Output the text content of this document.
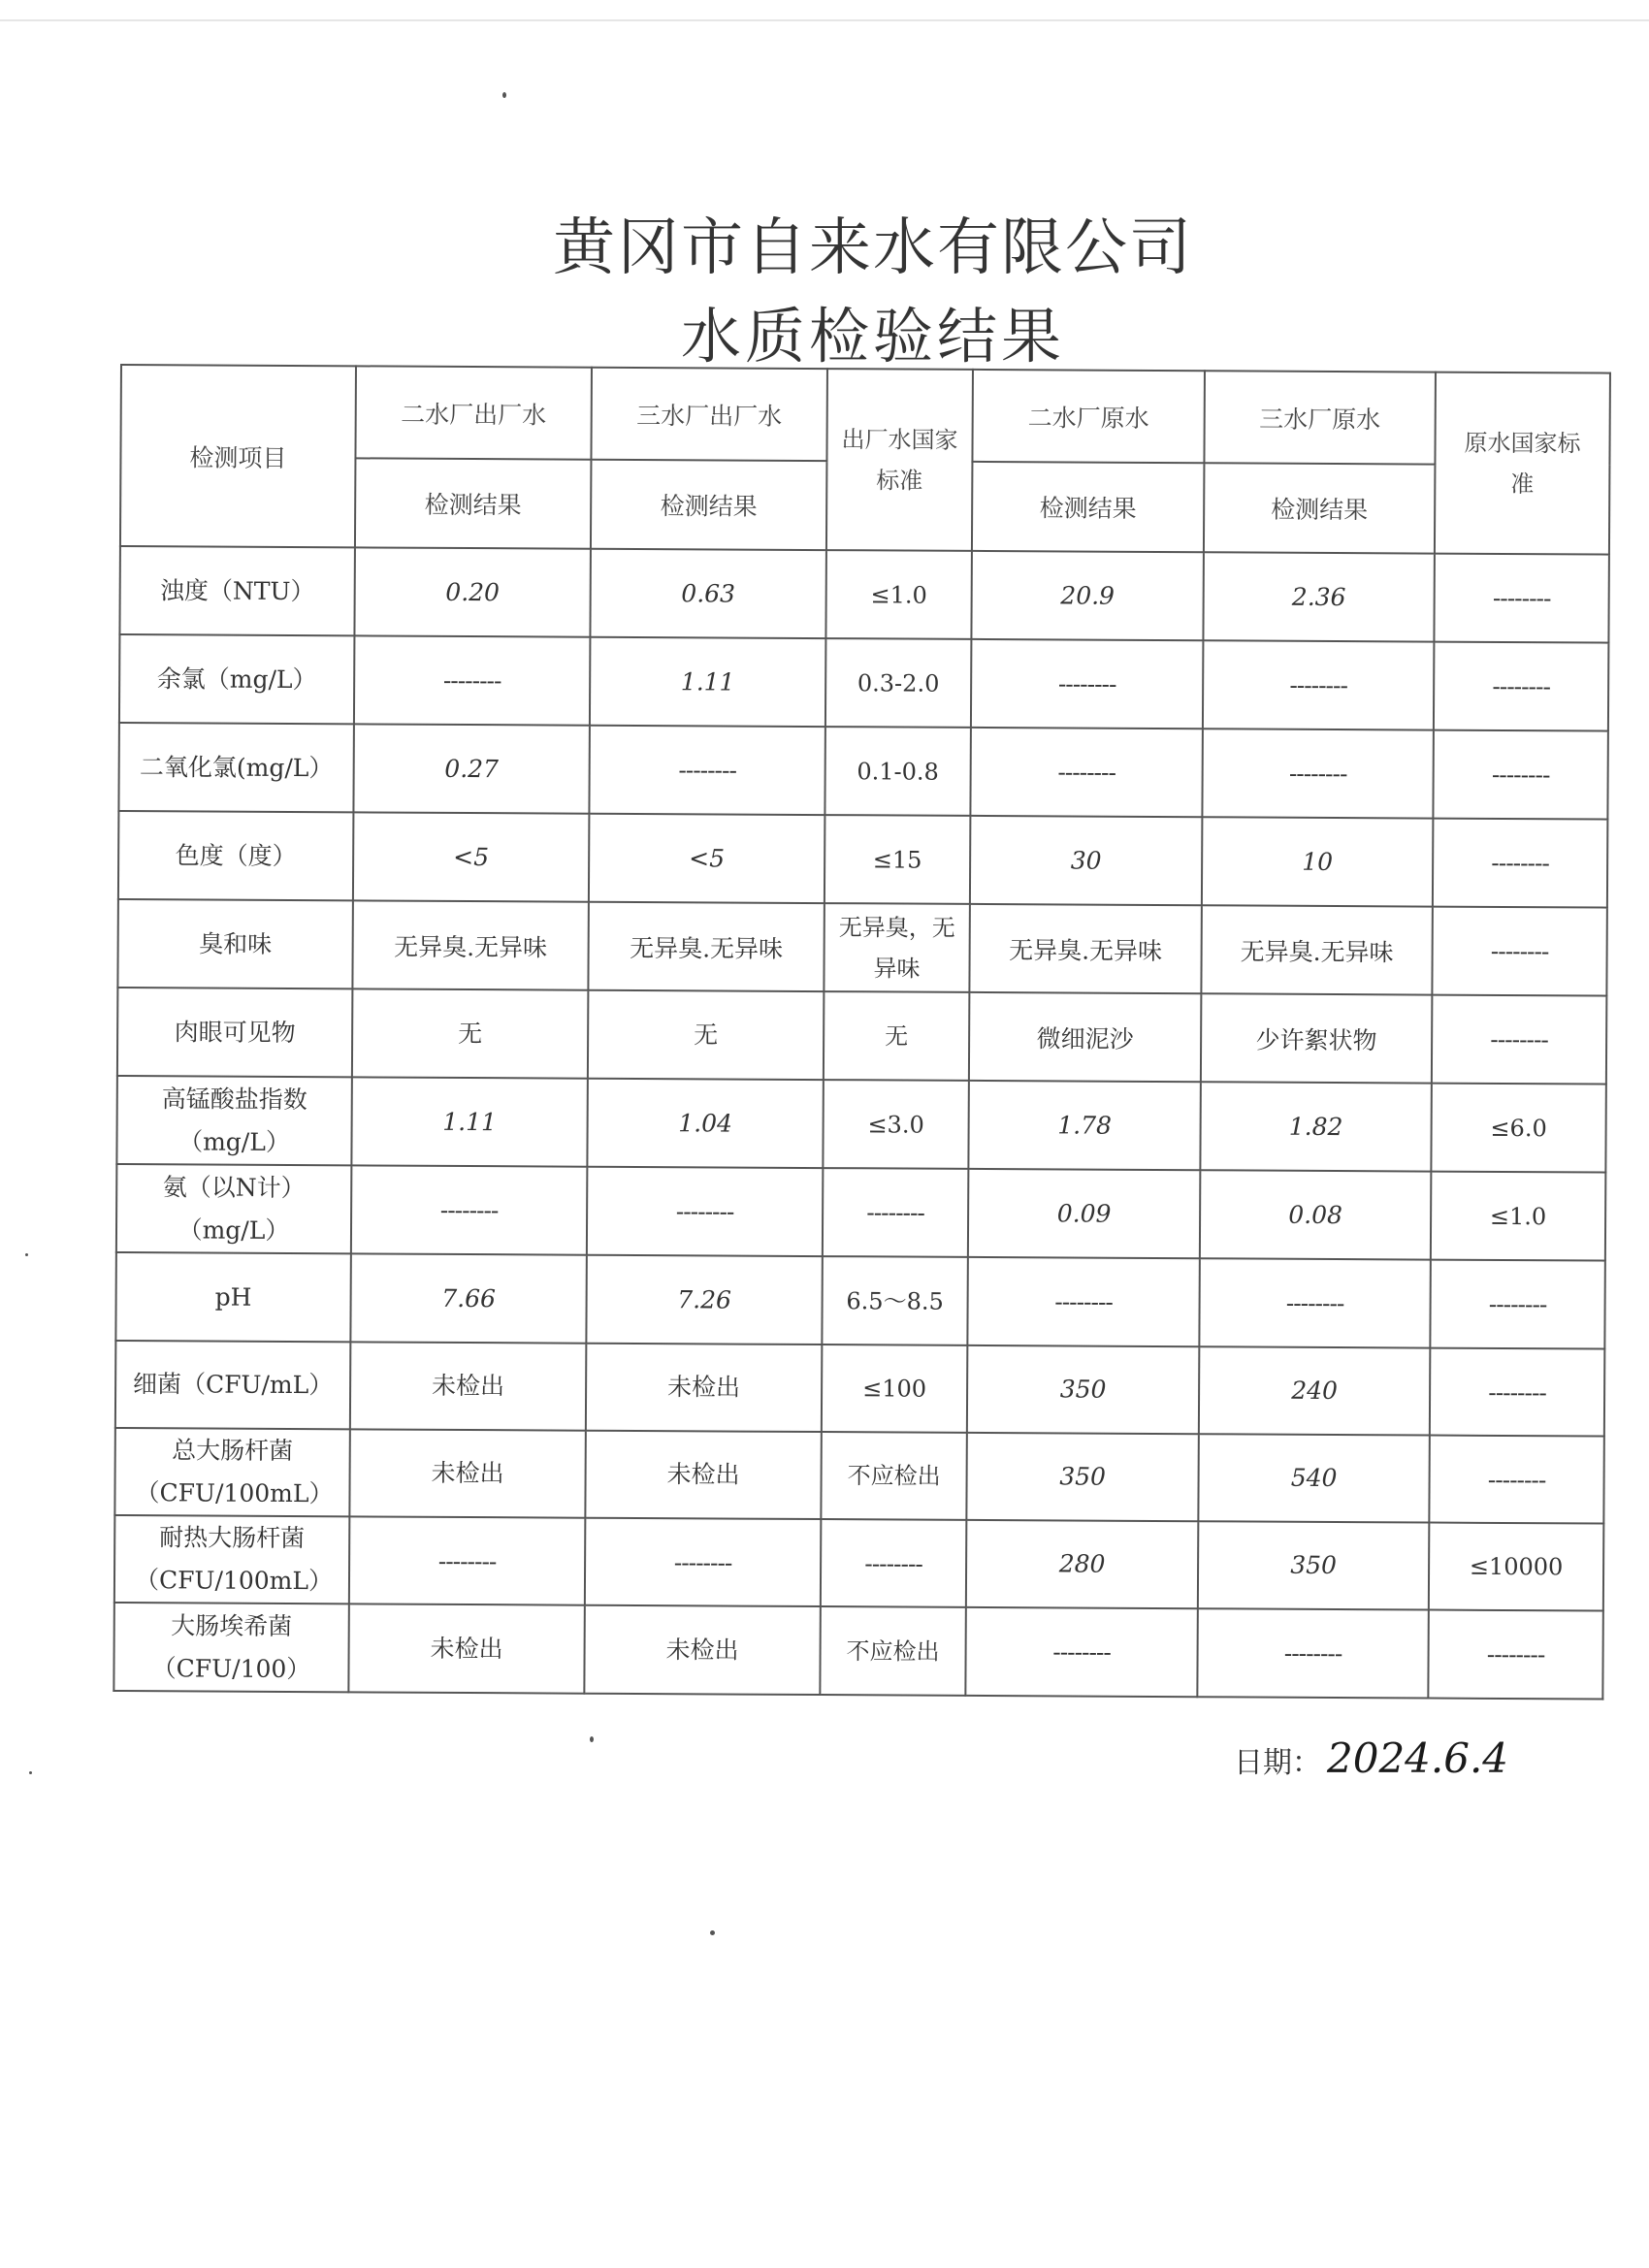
黄冈市自来水有限公司
水质检验结果
检测项目	二水厂出厂水	三水厂出厂水	出厂水国家标准	二水厂原水	三水厂原水	原水国家标准
	检测结果	检测结果		检测结果	检测结果	
浊度（NTU）	0.20	0.63	≤1.0	20.9	2.36	--------
余氯（mg/L）	--------	1.11	0.3-2.0	--------	--------	--------
二氧化氯(mg/L）	0.27	--------	0.1-0.8	--------	--------	--------
色度（度）	<5	<5	≤15	30	10	--------
臭和味	无异臭.无异味	无异臭.无异味	无异臭，无异味	无异臭.无异味	无异臭.无异味	--------
肉眼可见物	无	无	无	微细泥沙	少许絮状物	--------
高锰酸盐指数（mg/L）	1.11	1.04	≤3.0	1.78	1.82	≤6.0
氨（以N计）（mg/L）	--------	--------	--------	0.09	0.08	≤1.0
pH	7.66	7.26	6.5～8.5	--------	--------	--------
细菌（CFU/mL）	未检出	未检出	≤100	350	240	--------
总大肠杆菌（CFU/100mL）	未检出	未检出	不应检出	350	540	--------
耐热大肠杆菌（CFU/100mL）	--------	--------	--------	280	350	≤10000
大肠埃希菌（CFU/100）	未检出	未检出	不应检出	--------	--------	--------
日期： 2024.6.4
